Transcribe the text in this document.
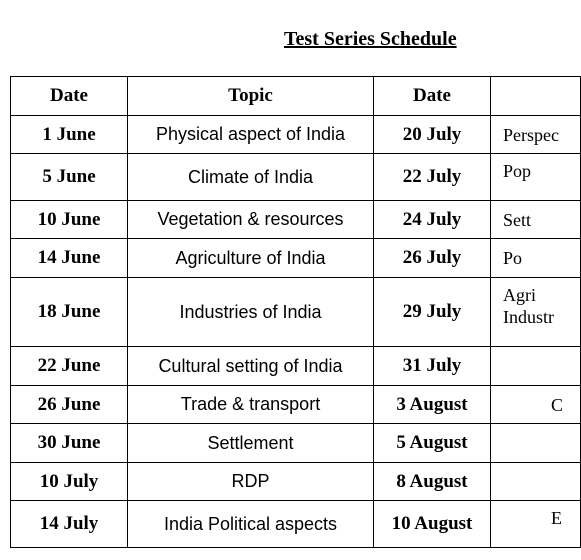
Test Series Schedule
Date	Topic	Date	
1 June	Physical aspect of India	20 July	Perspec

5 June	Climate of India	22 July	Pop

10 June	Vegetation & resources	24 July	Sett

14 June	Agriculture of India	26 July	Po

18 June	Industries of India	29 July	Agri
Industr

22 June	Cultural setting of India	31 July	

26 June	Trade & transport	3 August	C

30 June	Settlement	5 August	

10 July	RDP	8 August	

14 July	India Political aspects	10 August	E
